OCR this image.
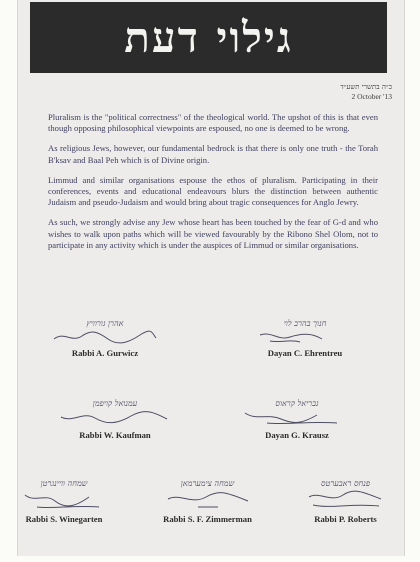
גילוי דעת
כ״ה בתשרי תשע״ד
2 October '13

Pluralism is the "political correctness" of the theological world. The upshot of this is that even though opposing philosophical viewpoints are espoused, no one is deemed to be wrong.

As religious Jews, however, our fundamental bedrock is that there is only one truth - the Torah B'ksav and Baal Peh which is of Divine origin.

Limmud and similar organisations espouse the ethos of pluralism. Participating in their conferences, events and educational endeavours blurs the distinction between authentic Judaism and pseudo-Judaism and would bring about tragic consequences for Anglo Jewry.

As such, we strongly advise any Jew whose heart has been touched by the fear of G-d and who wishes to walk upon paths which will be viewed favourably by the Ribono Shel Olom, not to participate in any activity which is under the auspices of Limmud or similar organisations.

אהרן גורוויץ
Rabbi A. Gurwicz
חנוך בהרב לוי
Dayan C. Ehrentreu
עמנואל קויפמן
Rabbi W. Kaufman
גבריאל קראוס
Dayan G. Krausz
שמחה וויינגרטן
Rabbi S. Winegarten
שמחה צימערמאן
Rabbi S. F. Zimmerman
פנחס ראבערטס
Rabbi P. Roberts
